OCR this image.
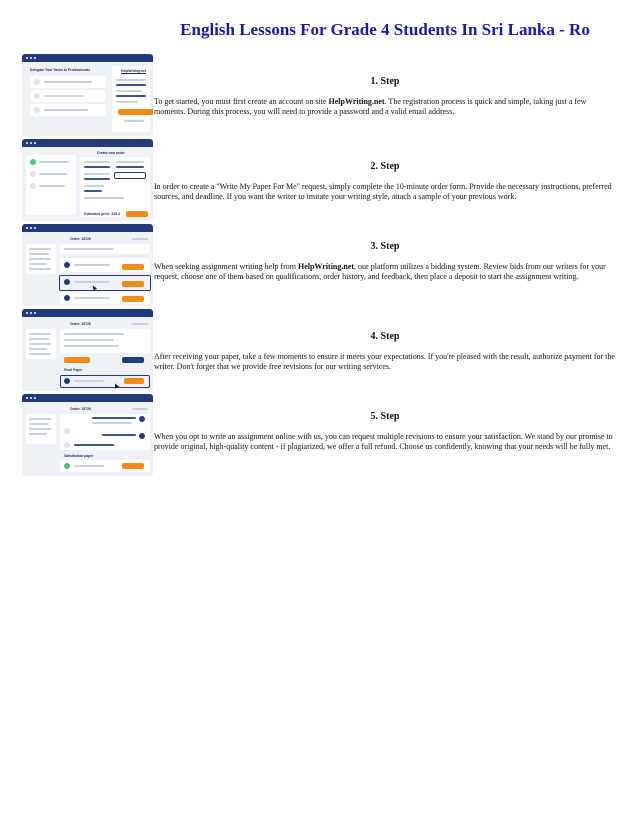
English Lessons For Grade 4 Students In Sri Lanka - Ro
Delegate Your Tasks to Professionals	HelpWriting.net
Create new order
Estimated price: $15.4
Order: 18726
Order: 18726
Final Paper
Order: 18726
Satisfaction paper
1. Step
To get started, you must first create an account on site HelpWriting.net. The registration process is quick and simple, taking just a few moments. During this process, you will need to provide a password and a valid email address.
2. Step
In order to create a "Write My Paper For Me" request, simply complete the 10-minute order form. Provide the necessary instructions, preferred sources, and deadline. If you want the writer to imitate your writing style, attach a sample of your previous work.
3. Step
When seeking assignment writing help from HelpWriting.net, our platform utilizes a bidding system. Review bids from our writers for your request, choose one of them based on qualifications, order history, and feedback, then place a deposit to start the assignment writing.
4. Step
After receiving your paper, take a few moments to ensure it meets your expectations. If you're pleased with the result, authorize payment for the writer. Don't forget that we provide free revisions for our writing services.
5. Step
When you opt to write an assignment online with us, you can request multiple revisions to ensure your satisfaction. We stand by our promise to provide original, high-quality content - if plagiarized, we offer a full refund. Choose us confidently, knowing that your needs will be fully met.
